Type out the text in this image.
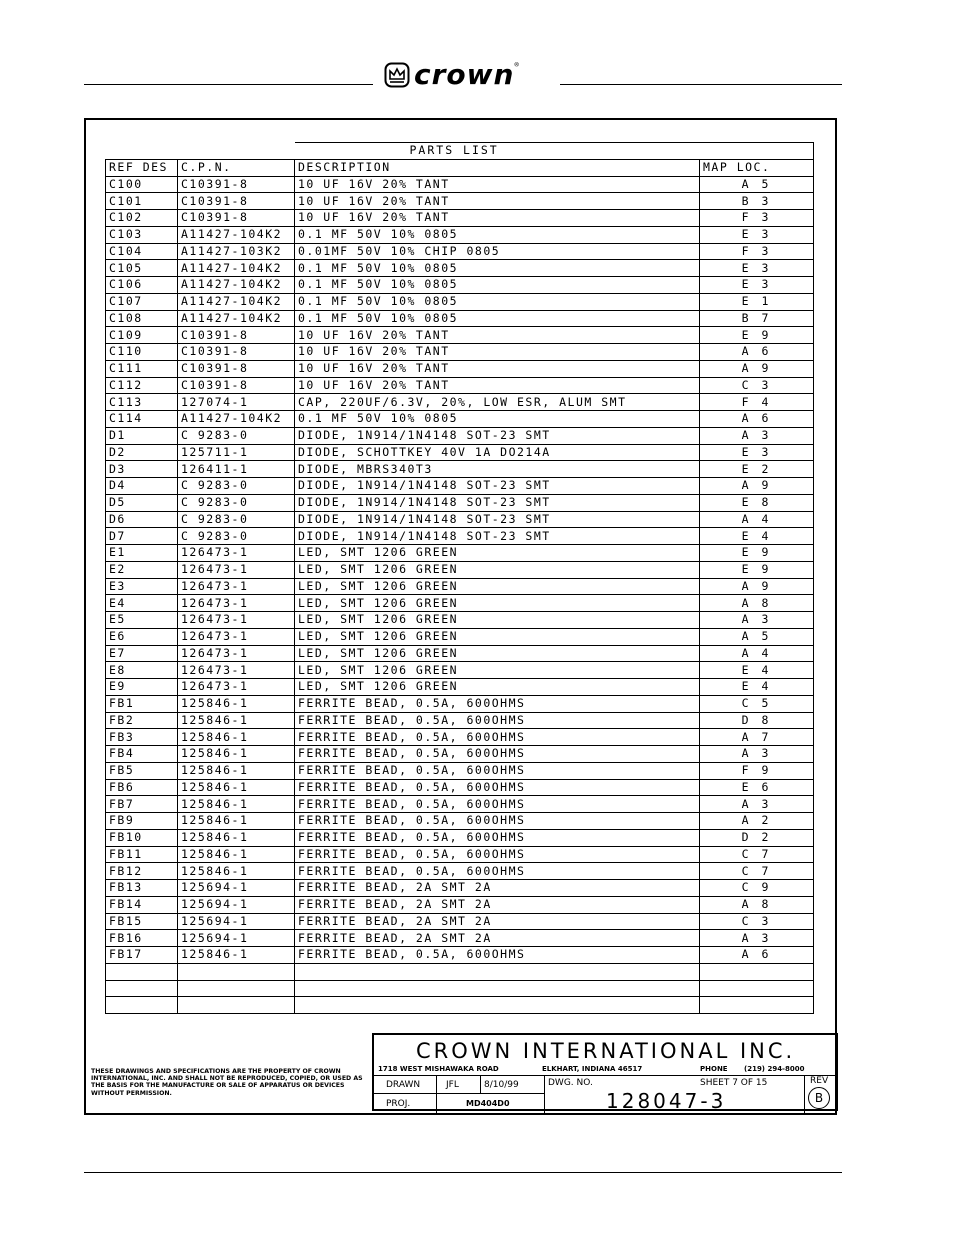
crown ®
		PARTS LIST	
REF DES	C.P.N.	DESCRIPTION	MAP LOC.
C100	C10391-8	10 UF 16V 20% TANT	A 5
C101	C10391-8	10 UF 16V 20% TANT	B 3
C102	C10391-8	10 UF 16V 20% TANT	F 3
C103	A11427-104K2	0.1 MF 50V 10% 0805	E 3
C104	A11427-103K2	0.01MF 50V 10% CHIP 0805	F 3
C105	A11427-104K2	0.1 MF 50V 10% 0805	E 3
C106	A11427-104K2	0.1 MF 50V 10% 0805	E 3
C107	A11427-104K2	0.1 MF 50V 10% 0805	E 1
C108	A11427-104K2	0.1 MF 50V 10% 0805	B 7
C109	C10391-8	10 UF 16V 20% TANT	E 9
C110	C10391-8	10 UF 16V 20% TANT	A 6
C111	C10391-8	10 UF 16V 20% TANT	A 9
C112	C10391-8	10 UF 16V 20% TANT	C 3
C113	127074-1	CAP, 220UF/6.3V, 20%, LOW ESR, ALUM SMT	F 4
C114	A11427-104K2	0.1 MF 50V 10% 0805	A 6
D1	C 9283-0	DIODE, 1N914/1N4148 SOT-23 SMT	A 3
D2	125711-1	DIODE, SCHOTTKEY 40V 1A DO214A	E 3
D3	126411-1	DIODE, MBRS340T3	E 2
D4	C 9283-0	DIODE, 1N914/1N4148 SOT-23 SMT	A 9
D5	C 9283-0	DIODE, 1N914/1N4148 SOT-23 SMT	E 8
D6	C 9283-0	DIODE, 1N914/1N4148 SOT-23 SMT	A 4
D7	C 9283-0	DIODE, 1N914/1N4148 SOT-23 SMT	E 4
E1	126473-1	LED, SMT 1206 GREEN	E 9
E2	126473-1	LED, SMT 1206 GREEN	E 9
E3	126473-1	LED, SMT 1206 GREEN	A 9
E4	126473-1	LED, SMT 1206 GREEN	A 8
E5	126473-1	LED, SMT 1206 GREEN	A 3
E6	126473-1	LED, SMT 1206 GREEN	A 5
E7	126473-1	LED, SMT 1206 GREEN	A 4
E8	126473-1	LED, SMT 1206 GREEN	E 4
E9	126473-1	LED, SMT 1206 GREEN	E 4
FB1	125846-1	FERRITE BEAD, 0.5A, 600OHMS	C 5
FB2	125846-1	FERRITE BEAD, 0.5A, 600OHMS	D 8
FB3	125846-1	FERRITE BEAD, 0.5A, 600OHMS	A 7
FB4	125846-1	FERRITE BEAD, 0.5A, 600OHMS	A 3
FB5	125846-1	FERRITE BEAD, 0.5A, 600OHMS	F 9
FB6	125846-1	FERRITE BEAD, 0.5A, 600OHMS	E 6
FB7	125846-1	FERRITE BEAD, 0.5A, 600OHMS	A 3
FB9	125846-1	FERRITE BEAD, 0.5A, 600OHMS	A 2
FB10	125846-1	FERRITE BEAD, 0.5A, 600OHMS	D 2
FB11	125846-1	FERRITE BEAD, 0.5A, 600OHMS	C 7
FB12	125846-1	FERRITE BEAD, 0.5A, 600OHMS	C 7
FB13	125694-1	FERRITE BEAD, 2A SMT 2A	C 9
FB14	125694-1	FERRITE BEAD, 2A SMT 2A	A 8
FB15	125694-1	FERRITE BEAD, 2A SMT 2A	C 3
FB16	125694-1	FERRITE BEAD, 2A SMT 2A	A 3
FB17	125846-1	FERRITE BEAD, 0.5A, 600OHMS	A 6

THESE DRAWINGS AND SPECIFICATIONS ARE THE PROPERTY OF CROWN INTERNATIONAL, INC. AND SHALL NOT BE REPRODUCED, COPIED, OR USED AS THE BASIS FOR THE MANUFACTURE OR SALE OF APPARATUS OR DEVICES WITHOUT PERMISSION.
CROWN INTERNATIONAL INC.
1718 WEST MISHAWAKA ROAD	ELKHART, INDIANA 46517	PHONE (219) 294-8000
DRAWN	JFL	8/10/99	DWG. NO.	SHEET 7 OF 15	REV
PROJ.	MD404D0	128047-3	B
